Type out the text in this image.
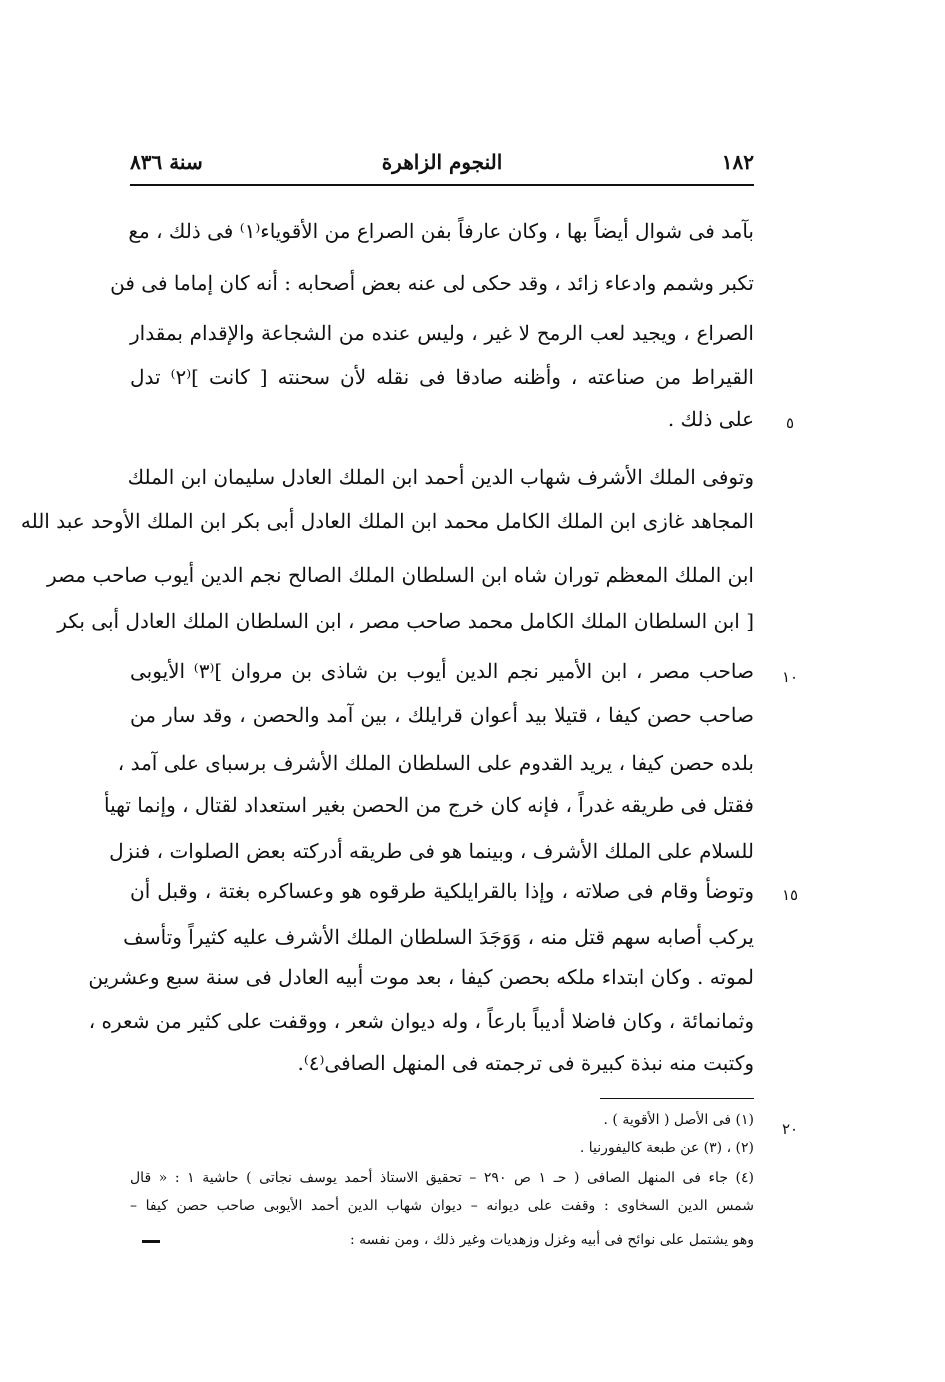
١٨٢
النجوم الزاهرة
سنة ٨٣٦
بآمد فى شوال أيضاً بها ، وكان عارفاً بفن الصراع من الأقوياء⁽١⁾ فى ذلك ، مع
تكبر وشمم وادعاء زائد ، وقد حكى لى عنه بعض أصحابه : أنه كان إماما فى فن
الصراع ، ويجيد لعب الرمح لا غير ، وليس عنده من الشجاعة والإقدام بمقدار
القيراط من صناعته ، وأظنه صادقا فى نقله لأن سحنته [ كانت ]⁽٢⁾ تدل
على ذلك .
وتوفى الملك الأشرف شهاب الدين أحمد ابن الملك العادل سليمان ابن الملك
المجاهد غازى ابن الملك الكامل محمد ابن الملك العادل أبى بكر ابن الملك الأوحد عبد الله
ابن الملك المعظم توران شاه ابن السلطان الملك الصالح نجم الدين أيوب صاحب مصر
[ ابن السلطان الملك الكامل محمد صاحب مصر ، ابن السلطان الملك العادل أبى بكر
صاحب مصر ، ابن الأمير نجم الدين أيوب بن شاذى بن مروان ]⁽٣⁾ الأيوبى
صاحب حصن كيفا ، قتيلا بيد أعوان قرايلك ، بين آمد والحصن ، وقد سار من
بلده حصن كيفا ، يريد القدوم على السلطان الملك الأشرف برسباى على آمد ،
فقتل فى طريقه غدراً ، فإنه كان خرج من الحصن بغير استعداد لقتال ، وإنما تهيأ
للسلام على الملك الأشرف ، وبينما هو فى طريقه أدركته بعض الصلوات ، فنزل
وتوضأ وقام فى صلاته ، وإذا بالقرايلكية طرقوه هو وعساكره بغتة ، وقبل أن
يركب أصابه سهم قتل منه ، وَوَجَدَ السلطان الملك الأشرف عليه كثيراً وتأسف
لموته . وكان ابتداء ملكه بحصن كيفا ، بعد موت أبيه العادل فى سنة سبع وعشرين
وثمانمائة ، وكان فاضلا أديباً بارعاً ، وله ديوان شعر ، ووقفت على كثير من شعره ،
وكتبت منه نبذة كبيرة فى ترجمته فى المنهل الصافى⁽٤⁾.
٥
١٠
١٥
٢٠
(١) فى الأصل ( الأقوية ) .
(٢) ، (٣) عن طبعة كاليفورنيا .
(٤) جاء فى المنهل الصافى ( حـ ١ ص ٢٩٠ – تحقيق الاستاذ أحمد يوسف نجاتى ) حاشية ١ : « قال
شمس الدين السخاوى : وقفت على ديوانه – ديوان شهاب الدين أحمد الأيوبى صاحب حصن كيفا –
وهو يشتمل على نوائح فى أبيه وغزل وزهديات وغير ذلك ، ومن نفسه :
